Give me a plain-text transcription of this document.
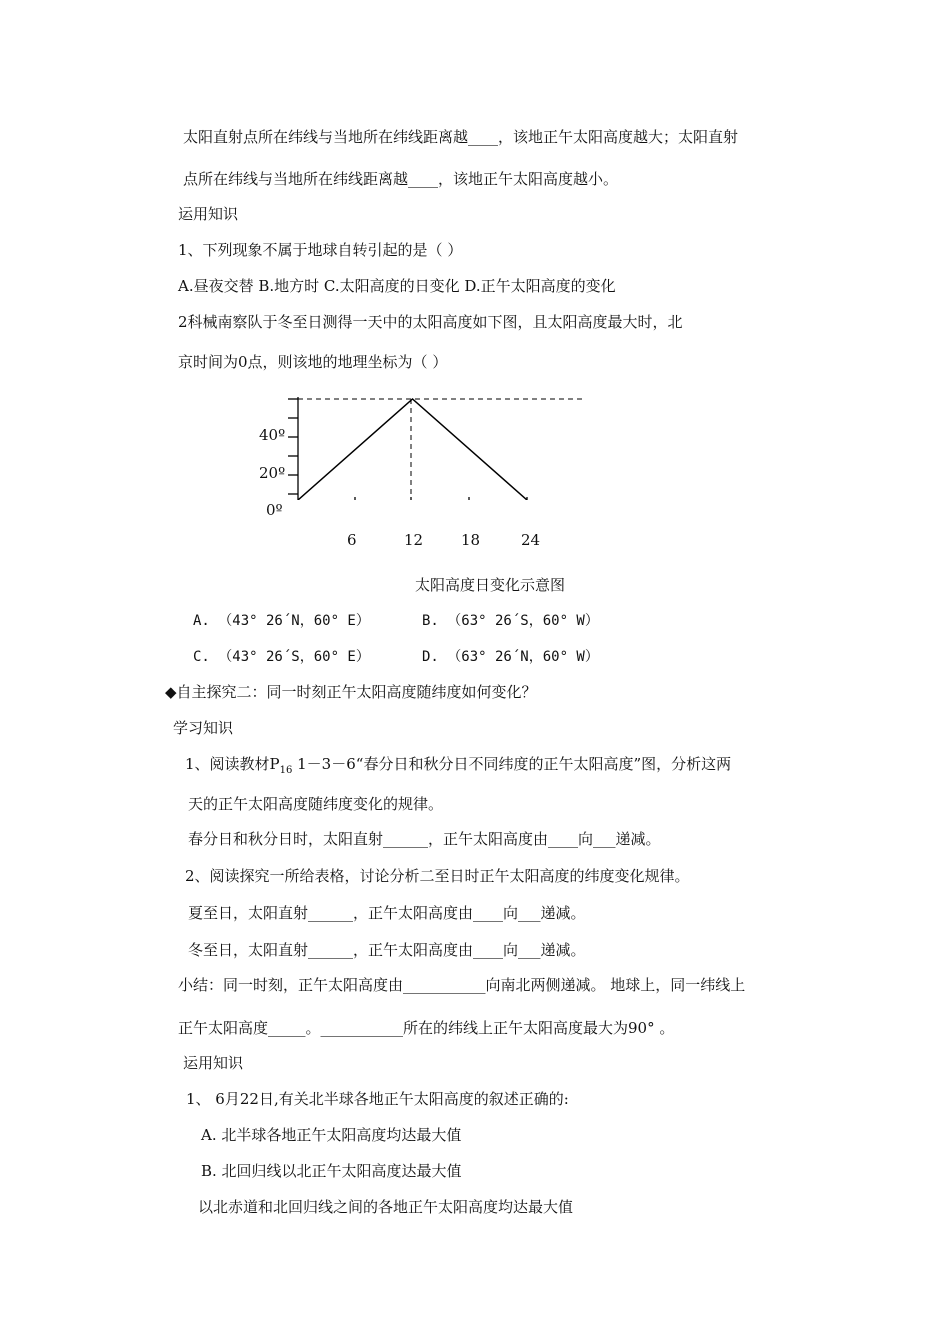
太阳直射点所在纬线与当地所在纬线距离越____，该地正午太阳高度越大；太阳直射
点所在纬线与当地所在纬线距离越____，该地正午太阳高度越小。
运用知识
1、下列现象不属于地球自转引起的是（ ）
A.昼夜交替 B.地方时 C.太阳高度的日变化 D.正午太阳高度的变化
2科械南察队于冬至日测得一天中的太阳高度如下图，且太阳高度最大时，北
京时间为0点，则该地的地理坐标为（ ）
40º
20º
0º
6	12	18	24
太阳高度日变化示意图
A. （43° 26´N，60° E）	B. （63° 26´S，60° W）
C. （43° 26´S，60° E）	D. （63° 26´N，60° W）
◆自主探究二：同一时刻正午太阳高度随纬度如何变化？
学习知识
1、阅读教材$P_{16}$ 1－3－6“春分日和秋分日不同纬度的正午太阳高度”图，分析这两
天的正午太阳高度随纬度变化的规律。
春分日和秋分日时，太阳直射______，正午太阳高度由____向___递减。
2、阅读探究一所给表格，讨论分析二至日时正午太阳高度的纬度变化规律。
夏至日，太阳直射______，正午太阳高度由____向___递减。
冬至日，太阳直射______，正午太阳高度由____向___递减。
小结：同一时刻，正午太阳高度由___________向南北两侧递减。 地球上，同一纬线上
正午太阳高度_____。___________所在的纬线上正午太阳高度最大为90° 。
运用知识
1、 6月22日,有关北半球各地正午太阳高度的叙述正确的:
A. 北半球各地正午太阳高度均达最大值
B. 北回归线以北正午太阳高度达最大值
以北赤道和北回归线之间的各地正午太阳高度均达最大值
